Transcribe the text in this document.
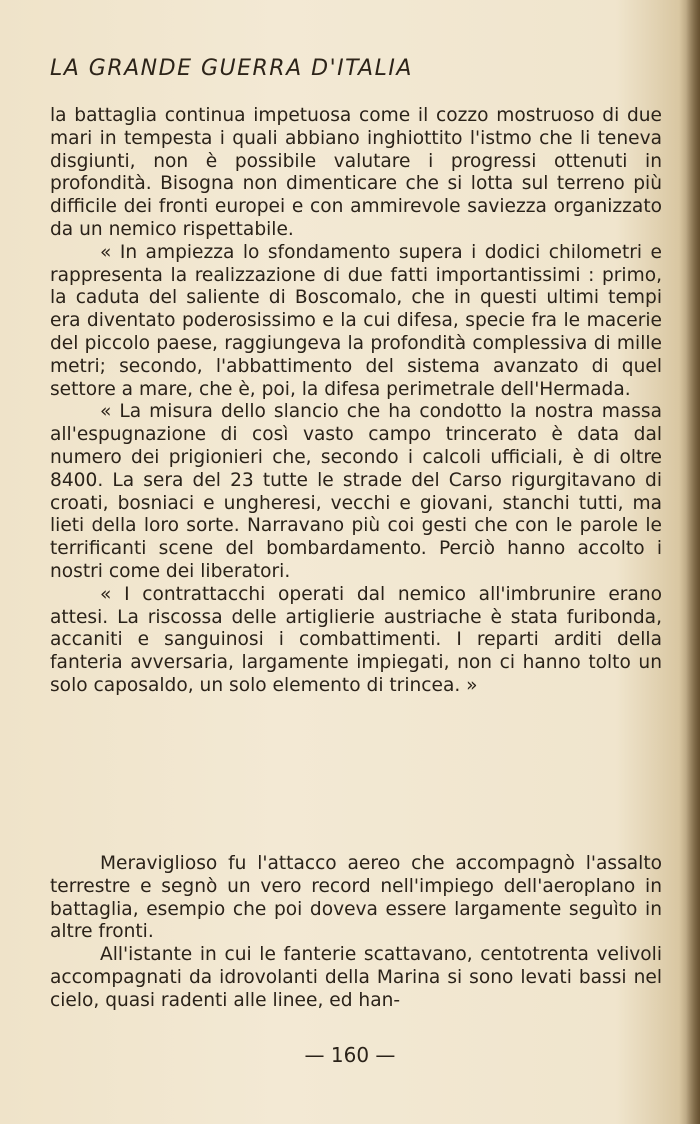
LA GRANDE GUERRA D'ITALIA

la battaglia continua impetuosa come il cozzo mostruoso di due mari in tempesta i quali abbiano inghiottito l'istmo che li teneva disgiunti, non è possibile valutare i progressi ottenuti in profondità. Bisogna non dimenticare che si lotta sul terreno più difficile dei fronti europei e con ammirevole saviezza organizzato da un nemico rispettabile.

« In ampiezza lo sfondamento supera i dodici chilometri e rappresenta la realizzazione di due fatti importantissimi : primo, la caduta del saliente di Boscomalo, che in questi ultimi tempi era diventato poderosissimo e la cui difesa, specie fra le macerie del piccolo paese, raggiungeva la profondità complessiva di mille metri; secondo, l'abbattimento del sistema avanzato di quel settore a mare, che è, poi, la difesa perimetrale dell'Hermada.

« La misura dello slancio che ha condotto la nostra massa all'espugnazione di così vasto campo trincerato è data dal numero dei prigionieri che, secondo i calcoli ufficiali, è di oltre 8400. La sera del 23 tutte le strade del Carso rigurgitavano di croati, bosniaci e ungheresi, vecchi e giovani, stanchi tutti, ma lieti della loro sorte. Narravano più coi gesti che con le parole le terrificanti scene del bombardamento. Perciò hanno accolto i nostri come dei liberatori.

« I contrattacchi operati dal nemico all'imbrunire erano attesi. La riscossa delle artiglierie austriache è stata furibonda, accaniti e sanguinosi i combattimenti. I reparti arditi della fanteria avversaria, largamente impiegati, non ci hanno tolto un solo caposaldo, un solo elemento di trincea. »

Meraviglioso fu l'attacco aereo che accompagnò l'assalto terrestre e segnò un vero record nell'impiego dell'aeroplano in battaglia, esempio che poi doveva essere largamente seguìto in altre fronti.

All'istante in cui le fanterie scattavano, centotrenta velivoli accompagnati da idrovolanti della Marina si sono levati bassi nel cielo, quasi radenti alle linee, ed han-

— 160 —
